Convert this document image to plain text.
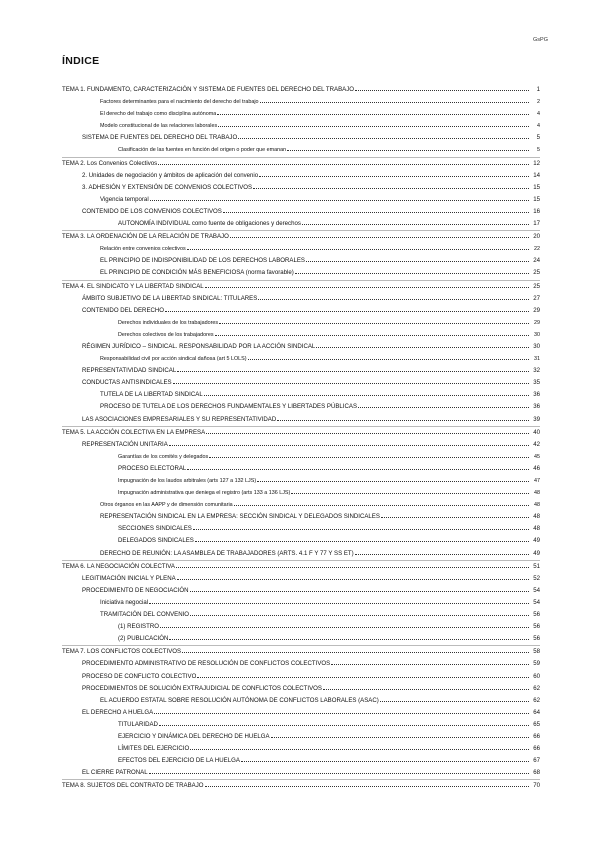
GsPG
ÍNDICE
TEMA 1. FUNDAMENTO, CARACTERIZACIÓN Y SISTEMA DE FUENTES DEL DERECHO DEL TRABAJO	1
Factores determinantes para el nacimiento del derecho del trabajo	2
El derecho del trabajo como disciplina autónoma	4
Modelo constitucional de las relaciones laborales	4
SISTEMA DE FUENTES DEL DERECHO DEL TRABAJO	5
Clasificación de las fuentes en función del origen o poder que emanan	5
TEMA 2. Los Convenios Colectivos	12
2. Unidades de negociación y ámbitos de aplicación del convenio	14
3. ADHESIÓN Y EXTENSIÓN DE CONVENIOS COLECTIVOS	15
Vigencia temporal	15
CONTENIDO DE LOS CONVENIOS COLECTIVOS	16
AUTONOMÍA INDIVIDUAL como fuente de obligaciones y derechos	17
TEMA 3. LA ORDENACIÓN DE LA RELACIÓN DE TRABAJO	20
Relación entre convenios colectivos	22
EL PRINCIPIO DE INDISPONIBILIDAD DE LOS DERECHOS LABORALES	24
EL PRINCIPIO DE CONDICIÓN MÁS BENEFICIOSA (norma favorable)	25
TEMA 4. EL SINDICATO Y LA LIBERTAD SINDICAL	25
ÁMBITO SUBJETIVO DE LA LIBERTAD SINDICAL: TITULARES	27
CONTENIDO DEL DERECHO	29
Derechos individuales de los trabajadores	29
Derechos colectivos de los trabajadores	30
RÉGIMEN JURÍDICO – SINDICAL. RESPONSABILIDAD POR LA ACCIÓN SINDICAL	30
Responsabilidad civil por acción sindical dañosa (art 5 LOLS)	31
REPRESENTATIVIDAD SINDICAL	32
CONDUCTAS ANTISINDICALES	35
TUTELA DE LA LIBERTAD SINDICAL	36
PROCESO DE TUTELA DE LOS DERECHOS FUNDAMENTALES Y LIBERTADES PÚBLICAS	36
LAS ASOCIACIONES EMPRESARIALES Y SU REPRESENTATIVIDAD	39
TEMA 5. LA ACCIÓN COLECTIVA EN LA EMPRESA	40
REPRESENTACIÓN UNITARIA	42
Garantías de los comités y delegados	45
PROCESO ELECTORAL	46
Impugnación de los laudos arbitrales (arts 127 a 132 LJS)	47
Impugnación administrativa que deniega el registro (arts 133 a 136 LJS)	48
Otros órganos en las AAPP y de dimensión comunitaria	48
REPRESENTACIÓN SINDICAL EN LA EMPRESA: SECCIÓN SINDICAL Y DELEGADOS SINDICALES	48
SECCIONES SINDICALES	48
DELEGADOS SINDICALES	49
DERECHO DE REUNIÓN: LA ASAMBLEA DE TRABAJADORES (ARTS. 4.1 F Y 77 Y SS ET)	49
TEMA 6. LA NEGOCIACIÓN COLECTIVA	51
LEGITIMACIÓN INICIAL Y PLENA	52
PROCEDIMIENTO DE NEGOCIACIÓN	54
Iniciativa negocial	54
TRAMITACIÓN DEL CONVENIO	56
(1) REGISTRO	56
(2) PUBLICACIÓN	56
TEMA 7. LOS CONFLICTOS COLECTIVOS	58
PROCEDIMIENTO ADMINISTRATIVO DE RESOLUCIÓN DE CONFLICTOS COLECTIVOS	59
PROCESO DE CONFLICTO COLECTIVO	60
PROCEDIMIENTOS DE SOLUCIÓN EXTRAJUDICIAL DE CONFLICTOS COLECTIVOS	62
EL ACUERDO ESTATAL SOBRE RESOLUCIÓN AUTÓNOMA DE CONFLICTOS LABORALES (ASAC)	62
EL DERECHO A HUELGA	64
TITULARIDAD	65
EJERCICIO Y DINÁMICA DEL DERECHO DE HUELGA	66
LÍMITES DEL EJERCICIO	66
EFECTOS DEL EJERCICIO DE LA HUELGA	67
EL CIERRE PATRONAL	68
TEMA 8. SUJETOS DEL CONTRATO DE TRABAJO	70
